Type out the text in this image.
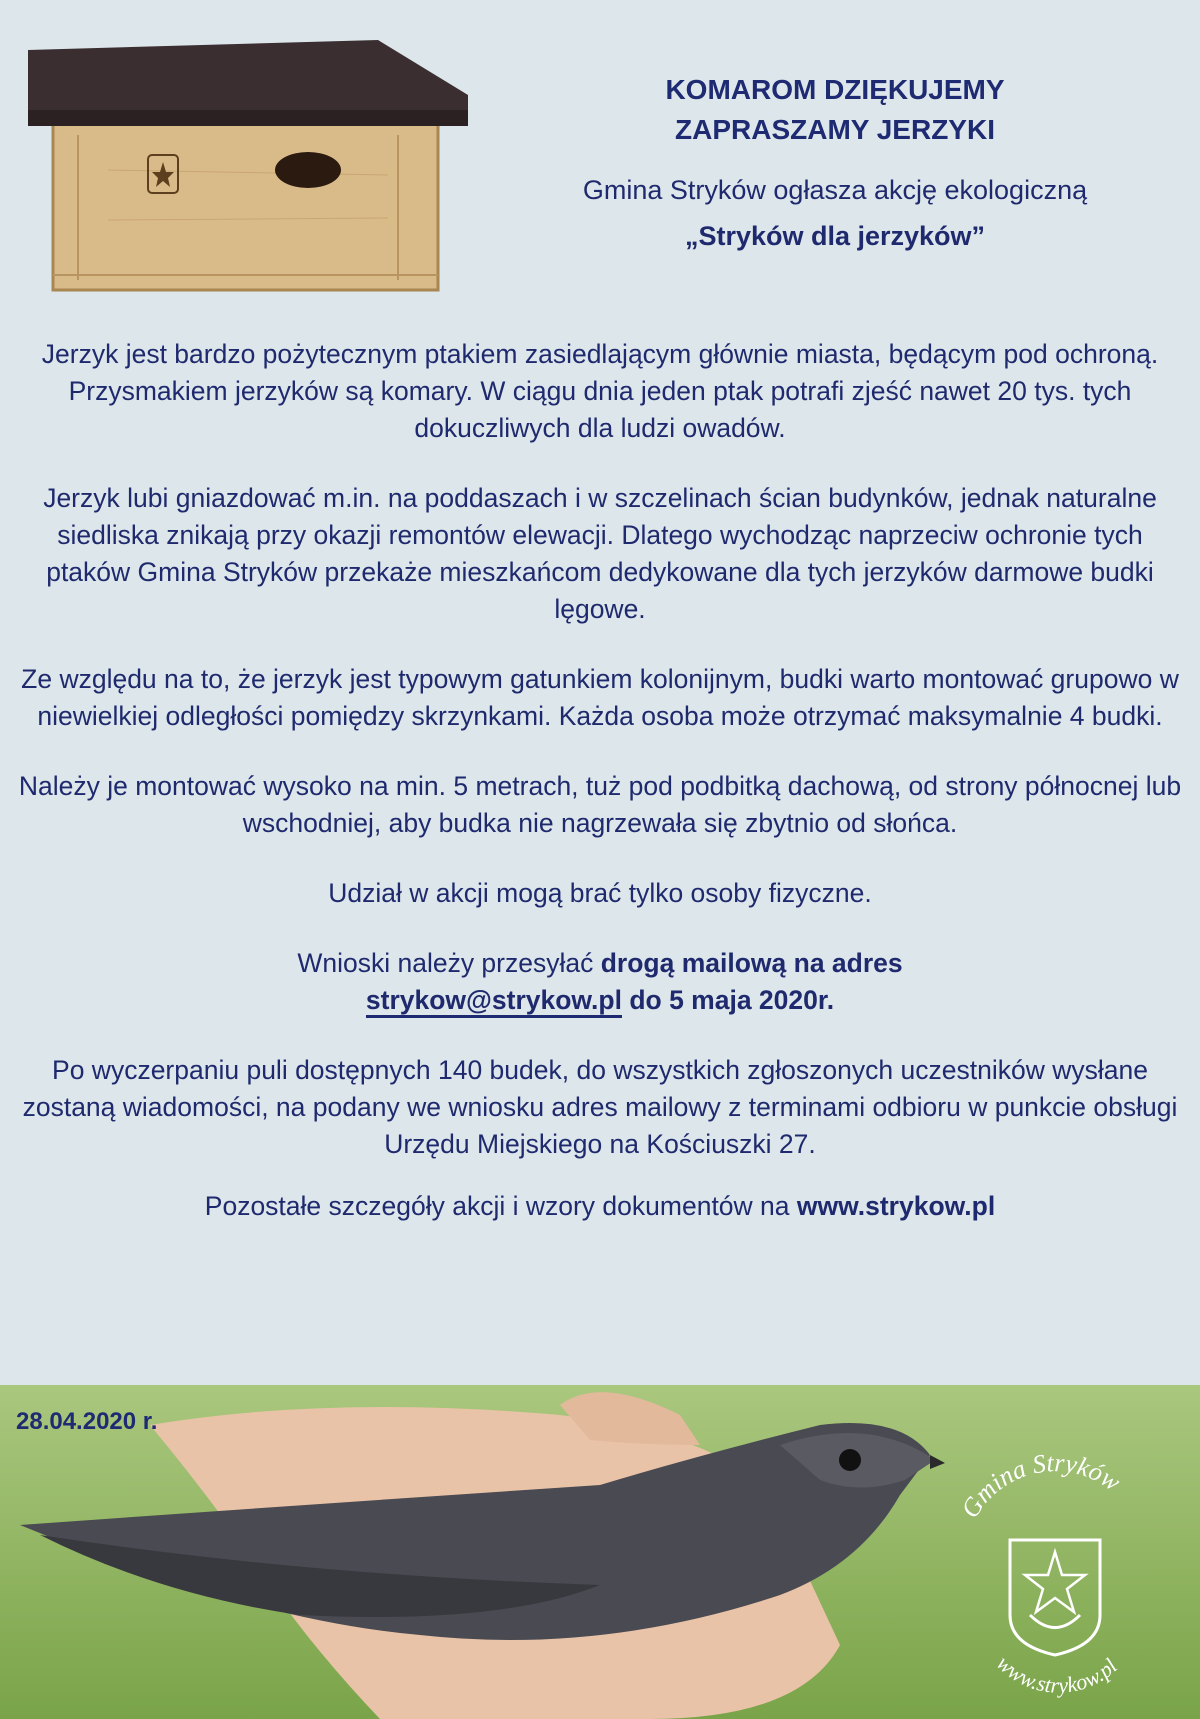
KOMAROM DZIĘKUJEMY
ZAPRASZAMY JERZYKI
Gmina Stryków ogłasza akcję ekologiczną
„Stryków dla jerzyków”

Jerzyk jest bardzo pożytecznym ptakiem zasiedlającym głównie miasta, będącym pod ochroną. Przysmakiem jerzyków są komary. W ciągu dnia jeden ptak potrafi zjeść nawet 20 tys. tych dokuczliwych dla ludzi owadów.

Jerzyk lubi gniazdować m.in. na poddaszach i w szczelinach ścian budynków, jednak naturalne siedliska znikają przy okazji remontów elewacji. Dlatego wychodząc naprzeciw ochronie tych ptaków Gmina Stryków przekaże mieszkańcom dedykowane dla tych jerzyków darmowe budki lęgowe.

Ze względu na to, że jerzyk jest typowym gatunkiem kolonijnym, budki warto montować grupowo w niewielkiej odległości pomiędzy skrzynkami. Każda osoba może otrzymać maksymalnie 4 budki.

Należy je montować wysoko na min. 5 metrach, tuż pod podbitką dachową, od strony północnej lub wschodniej, aby budka nie nagrzewała się zbytnio od słońca.

Udział w akcji mogą brać tylko osoby fizyczne.

Wnioski należy przesyłać drogą mailową na adres
strykow@strykow.pl do 5 maja 2020r.

Po wyczerpaniu puli dostępnych 140 budek, do wszystkich zgłoszonych uczestników wysłane zostaną wiadomości, na podany we wniosku adres mailowy z terminami odbioru w punkcie obsługi
Urzędu Miejskiego na Kościuszki 27.

Pozostałe szczegóły akcji i wzory dokumentów na www.strykow.pl

28.04.2020 r.
Gmina Stryków
www.strykow.pl
